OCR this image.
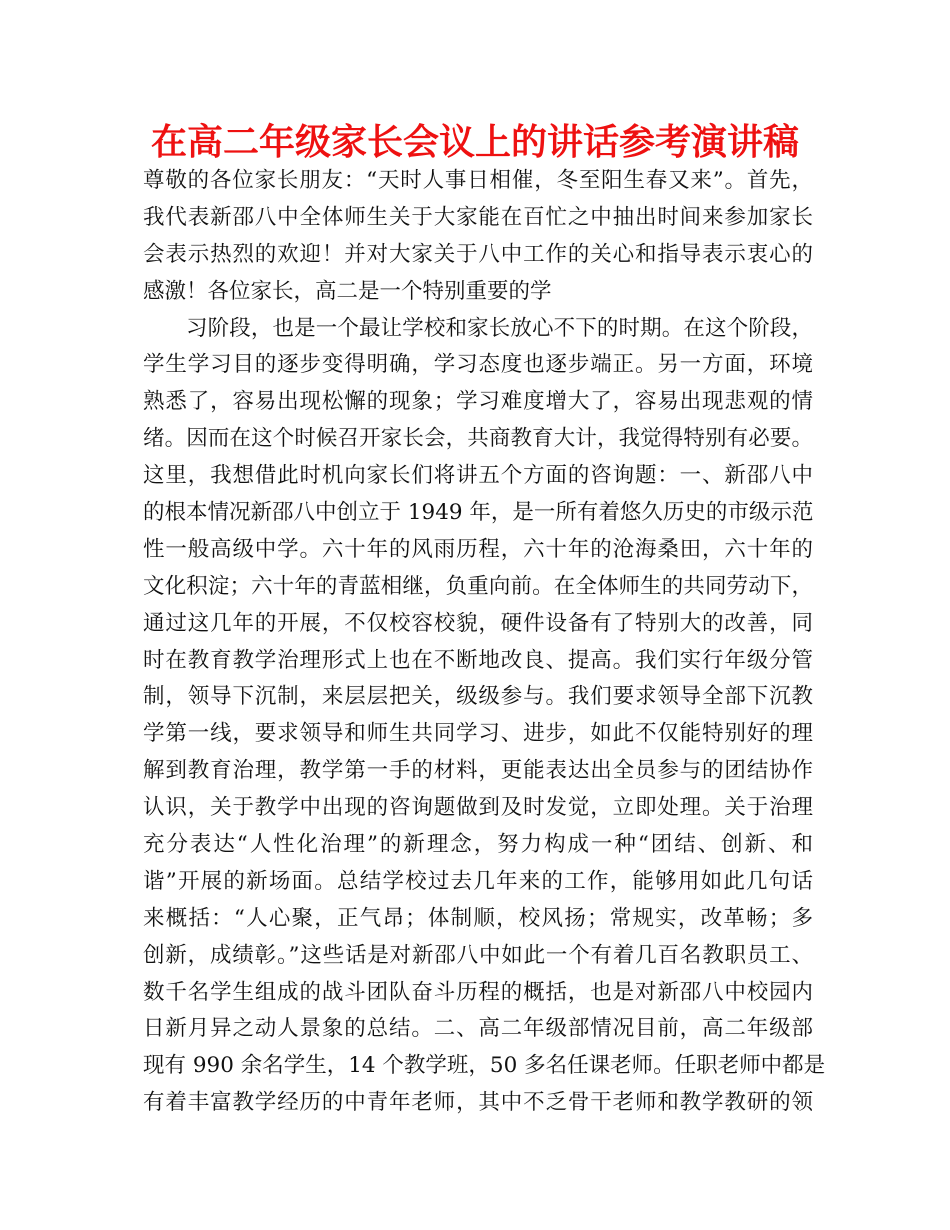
在高二年级家长会议上的讲话参考演讲稿
尊敬的各位家长朋友：“天时人事日相催，冬至阳生春又来”。首先，
我代表新邵八中全体师生关于大家能在百忙之中抽出时间来参加家长
会表示热烈的欢迎！并对大家关于八中工作的关心和指导表示衷心的
感激！各位家长，高二是一个特别重要的学
习阶段，也是一个最让学校和家长放心不下的时期。在这个阶段，
学生学习目的逐步变得明确，学习态度也逐步端正。另一方面，环境
熟悉了，容易出现松懈的现象；学习难度增大了，容易出现悲观的情
绪。因而在这个时候召开家长会，共商教育大计，我觉得特别有必要。
这里，我想借此时机向家长们将讲五个方面的咨询题：一、新邵八中
的根本情况新邵八中创立于 1949 年，是一所有着悠久历史的市级示范
性一般高级中学。六十年的风雨历程，六十年的沧海桑田，六十年的
文化积淀；六十年的青蓝相继，负重向前。在全体师生的共同劳动下，
通过这几年的开展，不仅校容校貌，硬件设备有了特别大的改善，同
时在教育教学治理形式上也在不断地改良、提高。我们实行年级分管
制，领导下沉制，来层层把关，级级参与。我们要求领导全部下沉教
学第一线，要求领导和师生共同学习、进步，如此不仅能特别好的理
解到教育治理，教学第一手的材料，更能表达出全员参与的团结协作
认识，关于教学中出现的咨询题做到及时发觉，立即处理。关于治理
充分表达“人性化治理”的新理念，努力构成一种“团结、创新、和
谐”开展的新场面。总结学校过去几年来的工作，能够用如此几句话
来概括：“人心聚，正气昂；体制顺，校风扬；常规实，改革畅；多
创新，成绩彰。”这些话是对新邵八中如此一个有着几百名教职员工、
数千名学生组成的战斗团队奋斗历程的概括，也是对新邵八中校园内
日新月异之动人景象的总结。二、高二年级部情况目前，高二年级部
现有 990 余名学生，14 个教学班，50 多名任课老师。任职老师中都是
有着丰富教学经历的中青年老师，其中不乏骨干老师和教学教研的领
